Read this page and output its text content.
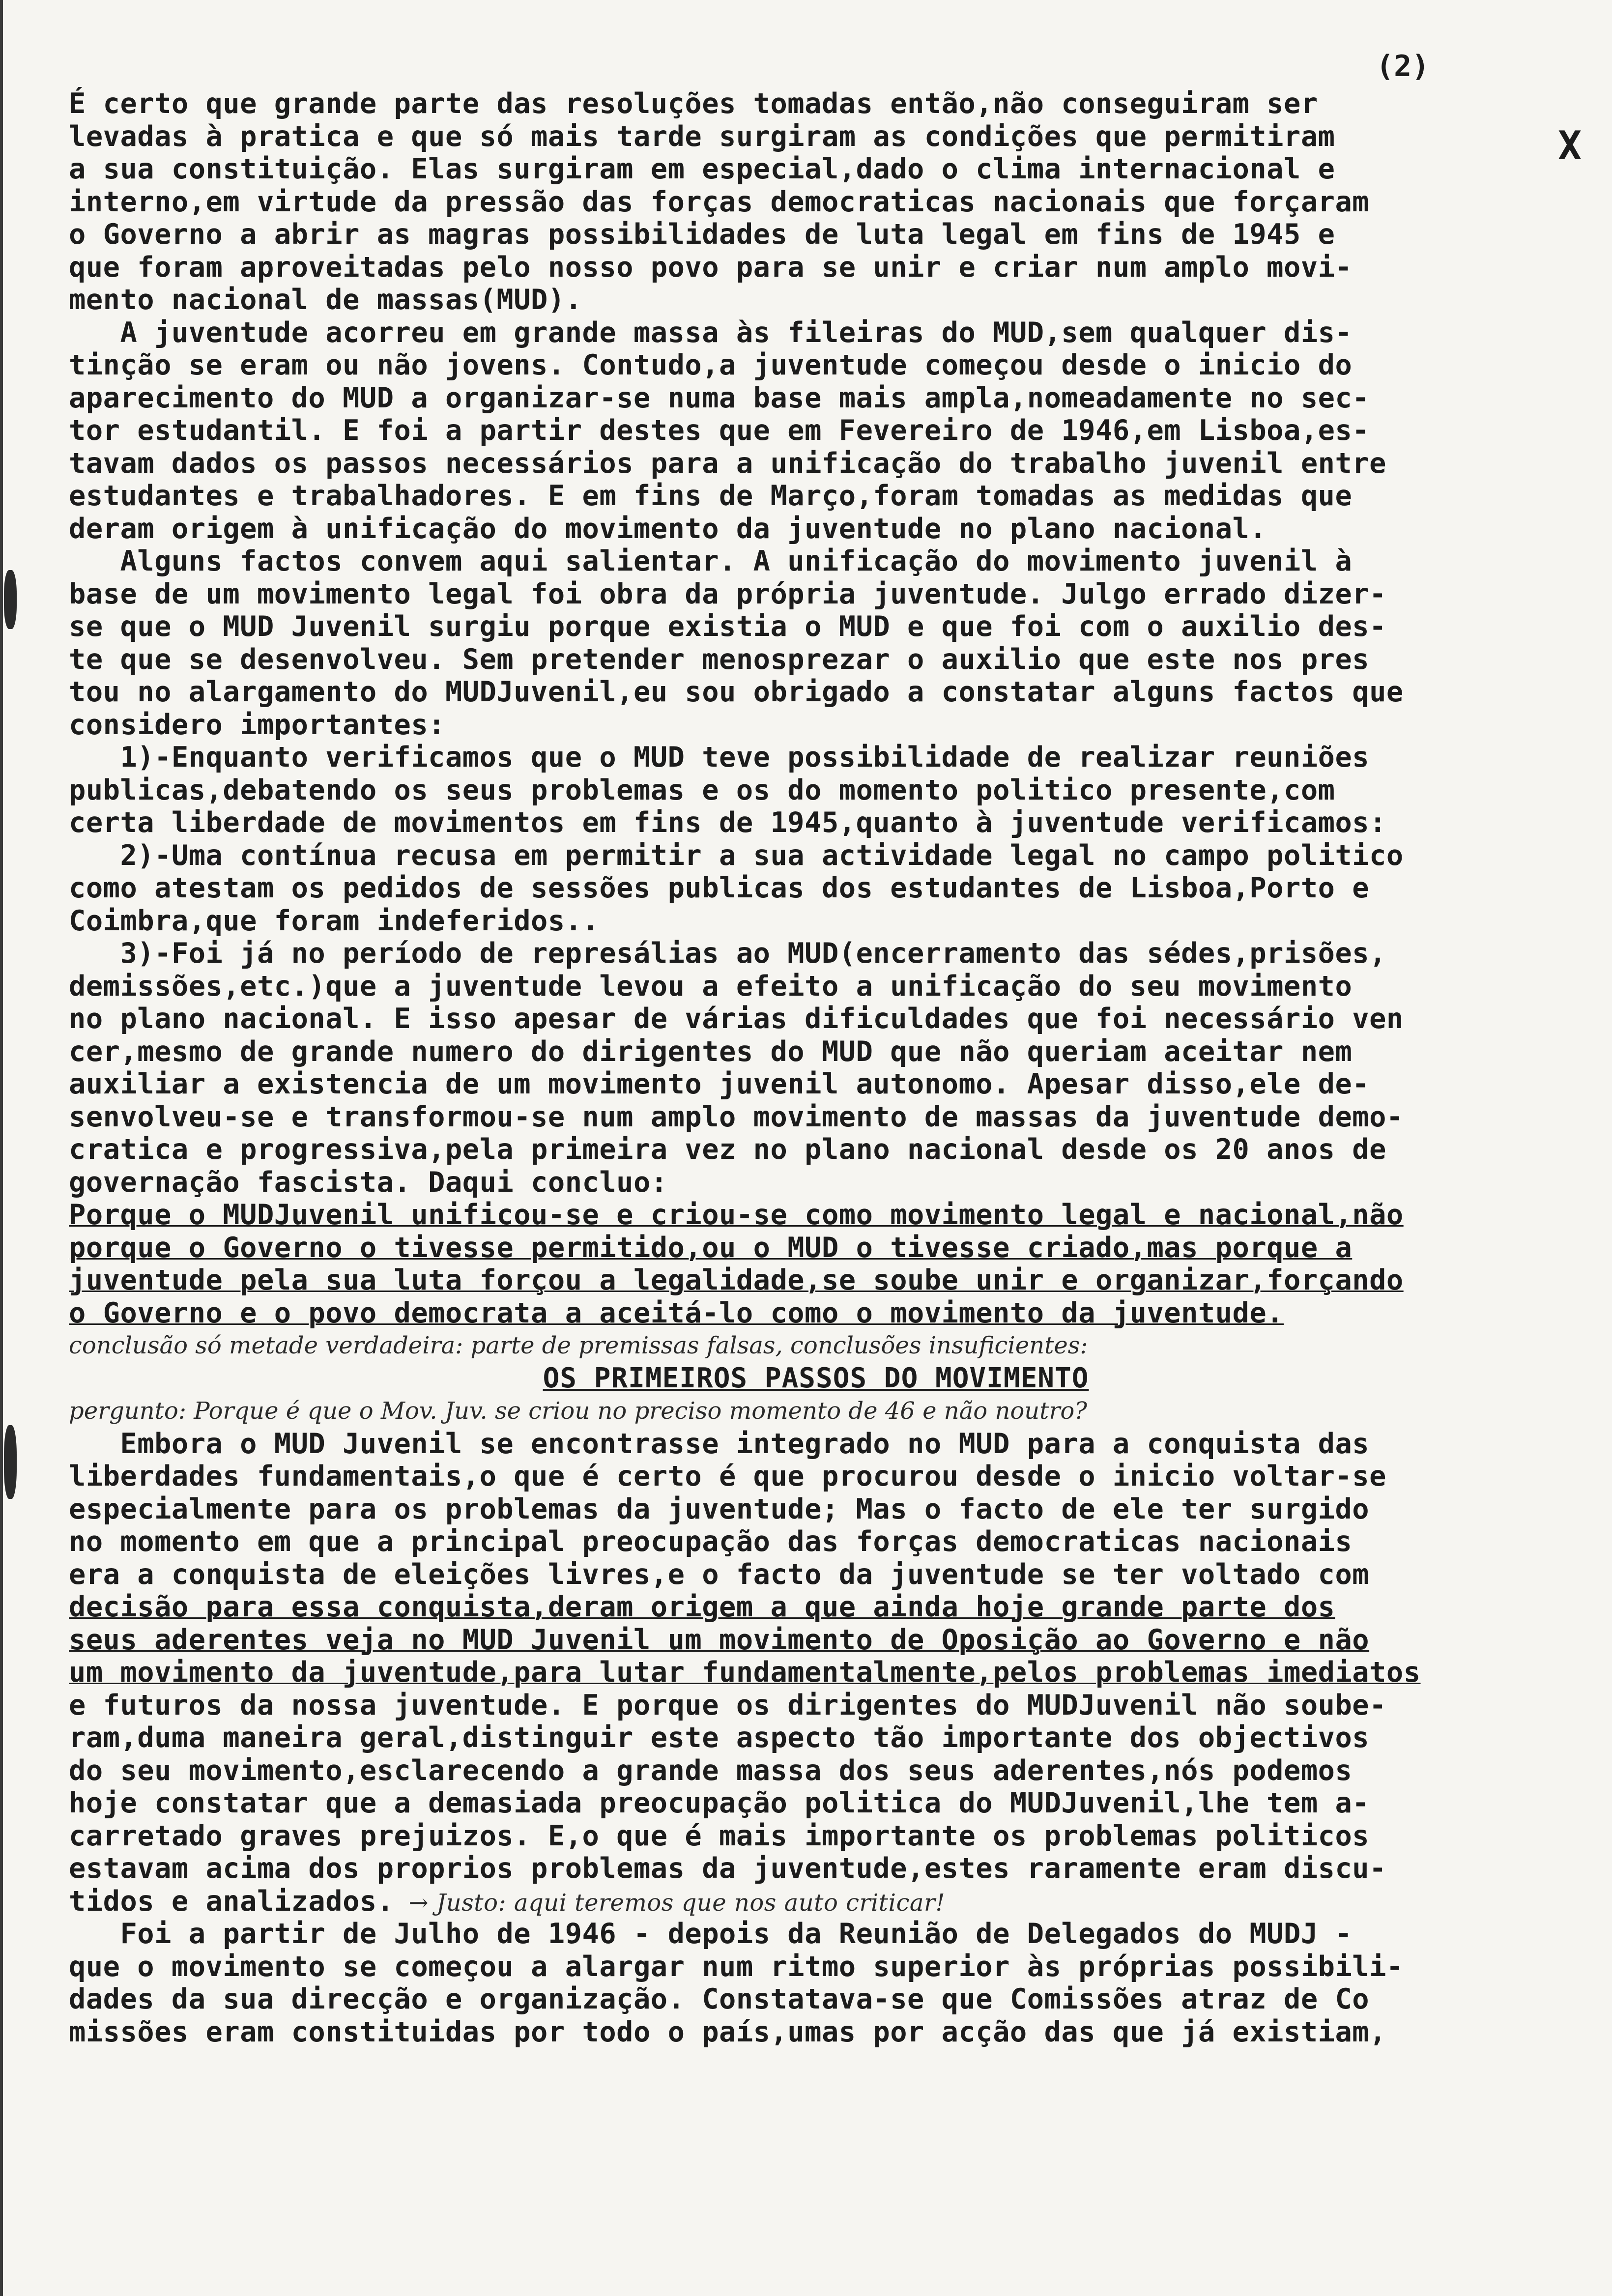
(2)
X
É certo que grande parte das resoluções tomadas então,não conseguiram ser
levadas à pratica e que só mais tarde surgiram as condições que permitiram
a sua constituição. Elas surgiram em especial,dado o clima internacional e
interno,em virtude da pressão das forças democraticas nacionais que forçaram
o Governo a abrir as magras possibilidades de luta legal em fins de 1945 e
que foram aproveitadas pelo nosso povo para se unir e criar num amplo movi-
mento nacional de massas(MUD).
A juventude acorreu em grande massa às fileiras do MUD,sem qualquer dis-
tinção se eram ou não jovens. Contudo,a juventude começou desde o inicio do
aparecimento do MUD a organizar-se numa base mais ampla,nomeadamente no sec-
tor estudantil. E foi a partir destes que em Fevereiro de 1946,em Lisboa,es-
tavam dados os passos necessários para a unificação do trabalho juvenil entre
estudantes e trabalhadores. E em fins de Março,foram tomadas as medidas que
deram origem à unificação do movimento da juventude no plano nacional.
Alguns factos convem aqui salientar. A unificação do movimento juvenil à
base de um movimento legal foi obra da própria juventude. Julgo errado dizer-
se que o MUD Juvenil surgiu porque existia o MUD e que foi com o auxilio des-
te que se desenvolveu. Sem pretender menosprezar o auxilio que este nos pres
tou no alargamento do MUDJuvenil,eu sou obrigado a constatar alguns factos que
considero importantes:
1)-Enquanto verificamos que o MUD teve possibilidade de realizar reuniões
publicas,debatendo os seus problemas e os do momento politico presente,com
certa liberdade de movimentos em fins de 1945,quanto à juventude verificamos:
2)-Uma contínua recusa em permitir a sua actividade legal no campo politico
como atestam os pedidos de sessões publicas dos estudantes de Lisboa,Porto e
Coimbra,que foram indeferidos..
3)-Foi já no período de represálias ao MUD(encerramento das sédes,prisões,
demissões,etc.)que a juventude levou a efeito a unificação do seu movimento
no plano nacional. E isso apesar de várias dificuldades que foi necessário ven
cer,mesmo de grande numero do dirigentes do MUD que não queriam aceitar nem
auxiliar a existencia de um movimento juvenil autonomo. Apesar disso,ele de-
senvolveu-se e transformou-se num amplo movimento de massas da juventude demo-
cratica e progressiva,pela primeira vez no plano nacional desde os 20 anos de
governação fascista. Daqui concluo:
Porque o MUDJuvenil unificou-se e criou-se como movimento legal e nacional,não
porque o Governo o tivesse permitido,ou o MUD o tivesse criado,mas porque a
juventude pela sua luta forçou a legalidade,se soube unir e organizar,forçando
o Governo e o povo democrata a aceitá-lo como o movimento da juventude.
conclusão só metade verdadeira: parte de premissas falsas, conclusões insuficientes:
OS PRIMEIROS PASSOS DO MOVIMENTO
pergunto: Porque é que o Mov. Juv. se criou no preciso momento de 46 e não noutro?
Embora o MUD Juvenil se encontrasse integrado no MUD para a conquista das
liberdades fundamentais,o que é certo é que procurou desde o inicio voltar-se
especialmente para os problemas da juventude; Mas o facto de ele ter surgido
no momento em que a principal preocupação das forças democraticas nacionais
era a conquista de eleições livres,e o facto da juventude se ter voltado com
decisão para essa conquista,deram origem a que ainda hoje grande parte dos
seus aderentes veja no MUD Juvenil um movimento de Oposição ao Governo e não
um movimento da juventude,para lutar fundamentalmente,pelos problemas imediatos
e futuros da nossa juventude. E porque os dirigentes do MUDJuvenil não soube-
ram,duma maneira geral,distinguir este aspecto tão importante dos objectivos
do seu movimento,esclarecendo a grande massa dos seus aderentes,nós podemos
hoje constatar que a demasiada preocupação politica do MUDJuvenil,lhe tem a-
carretado graves prejuizos. E,o que é mais importante os problemas politicos
estavam acima dos proprios problemas da juventude,estes raramente eram discu-
tidos e analizados. → Justo: aqui teremos que nos auto criticar!
Foi a partir de Julho de 1946 - depois da Reunião de Delegados do MUDJ -
que o movimento se começou a alargar num ritmo superior às próprias possibili-
dades da sua direcção e organização. Constatava-se que Comissões atraz de Co
missões eram constituidas por todo o país,umas por acção das que já existiam,
